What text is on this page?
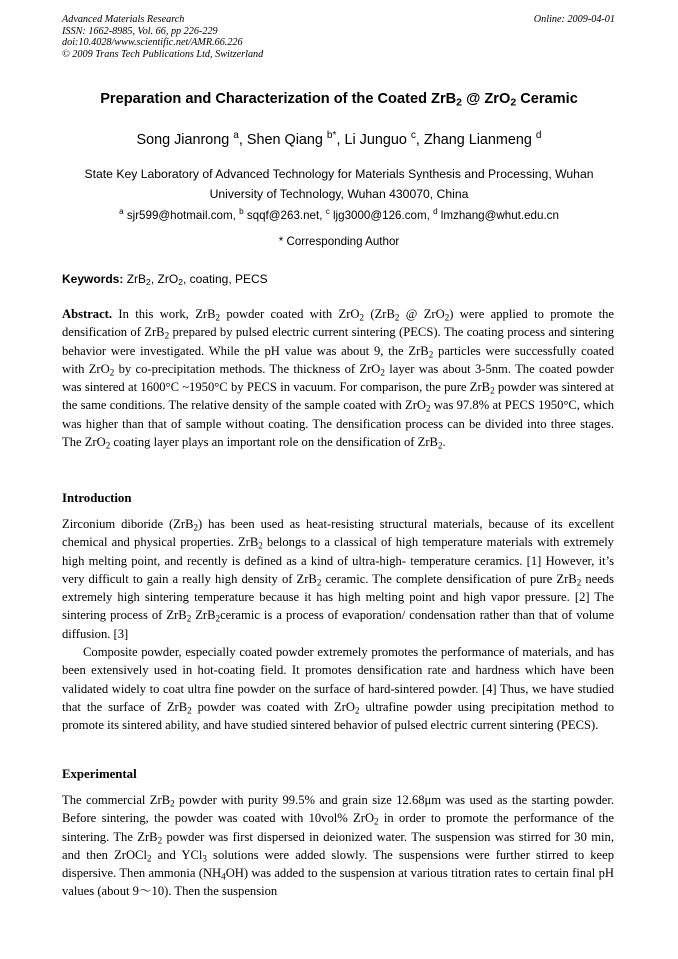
Advanced Materials Research
ISSN: 1662-8985, Vol. 66, pp 226-229
doi:10.4028/www.scientific.net/AMR.66.226
© 2009 Trans Tech Publications Ltd, Switzerland
Online: 2009-04-01
Preparation and Characterization of the Coated ZrB$_2$ @ ZrO$_2$ Ceramic
Song Jianrong $^a$, Shen Qiang $^{b*}$, Li Junguo $^c$, Zhang Lianmeng $^d$
State Key Laboratory of Advanced Technology for Materials Synthesis and Processing, Wuhan University of Technology, Wuhan 430070, China
$^a$ sjr599@hotmail.com, $^b$ sqqf@263.net, $^c$ ljg3000@126.com, $^d$ lmzhang@whut.edu.cn
* Corresponding Author
Keywords: ZrB$_2$, ZrO$_2$, coating, PECS
Abstract. In this work, ZrB$_2$ powder coated with ZrO$_2$ (ZrB$_2$ @ ZrO$_2$) were applied to promote the densification of ZrB$_2$ prepared by pulsed electric current sintering (PECS). The coating process and sintering behavior were investigated. While the pH value was about 9, the ZrB$_2$ particles were successfully coated with ZrO$_2$ by co-precipitation methods. The thickness of ZrO$_2$ layer was about 3-5nm. The coated powder was sintered at 1600°C ~1950°C by PECS in vacuum. For comparison, the pure ZrB$_2$ powder was sintered at the same conditions. The relative density of the sample coated with ZrO$_2$ was 97.8% at PECS 1950°C, which was higher than that of sample without coating. The densification process can be divided into three stages. The ZrO$_2$ coating layer plays an important role on the densification of ZrB$_2$.
Introduction

Zirconium diboride (ZrB$_2$) has been used as heat-resisting structural materials, because of its excellent chemical and physical properties. ZrB$_2$ belongs to a classical of high temperature materials with extremely high melting point, and recently is defined as a kind of ultra-high- temperature ceramics. [1] However, it’s very difficult to gain a really high density of ZrB$_2$ ceramic. The complete densification of pure ZrB$_2$ needs extremely high sintering temperature because it has high melting point and high vapor pressure. [2] The sintering process of ZrB$_2$ ZrB$_2$ceramic is a process of evaporation/ condensation rather than that of volume diffusion. [3]

Composite powder, especially coated powder extremely promotes the performance of materials, and has been extensively used in hot-coating field. It promotes densification rate and hardness which have been validated widely to coat ultra fine powder on the surface of hard-sintered powder. [4] Thus, we have studied that the surface of ZrB$_2$ powder was coated with ZrO$_2$ ultrafine powder using precipitation method to promote its sintered ability, and have studied sintered behavior of pulsed electric current sintering (PECS).

Experimental

The commercial ZrB$_2$ powder with purity 99.5% and grain size 12.68μm was used as the starting powder. Before sintering, the powder was coated with 10vol% ZrO$_2$ in order to promote the performance of the sintering. The ZrB$_2$ powder was first dispersed in deionized water. The suspension was stirred for 30 min, and then ZrOCl$_2$ and YCl$_3$ solutions were added slowly. The suspensions were further stirred to keep dispersive. Then ammonia $(NH_4OH)$ was added to the suspension at various titration rates to certain final pH values (about 9～10). Then the suspension
